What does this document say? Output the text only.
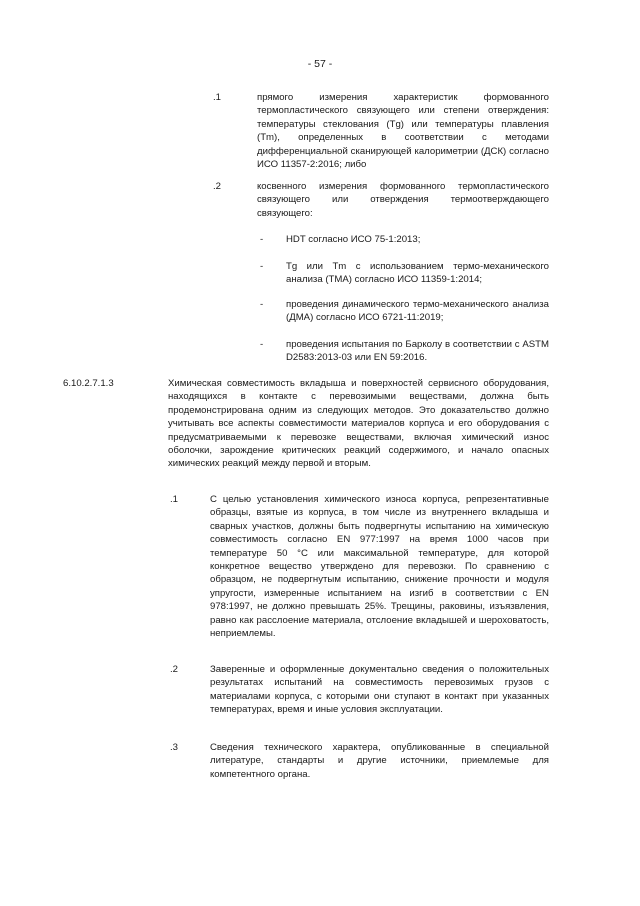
- 57 -
.1	прямого измерения характеристик формованного термопластического связующего или степени отверждения: температуры стеклования (Tg) или температуры плавления (Tm), определенных в соответствии с методами дифференциальной сканирующей калориметрии (ДСК) согласно ИСО 11357-2:2016; либо
.2	косвенного измерения формованного термопластического связующего или отверждения термоотверждающего связующего:
- HDT согласно ИСО 75-1:2013;
- Tg или Tm с использованием термо-механического анализа (ТМА) согласно ИСО 11359-1:2014;
- проведения динамического термо-механического анализа (ДМА) согласно ИСО 6721-11:2019;
- проведения испытания по Барколу в соответствии с ASTM D2583:2013-03 или EN 59:2016.
6.10.2.7.1.3	Химическая совместимость вкладыша и поверхностей сервисного оборудования, находящихся в контакте с перевозимыми веществами, должна быть продемонстрирована одним из следующих методов. Это доказательство должно учитывать все аспекты совместимости материалов корпуса и его оборудования с предусматриваемыми к перевозке веществами, включая химический износ оболочки, зарождение критических реакций содержимого, и начало опасных химических реакций между первой и вторым.
.1	С целью установления химического износа корпуса, репрезентативные образцы, взятые из корпуса, в том числе из внутреннего вкладыша и сварных участков, должны быть подвергнуты испытанию на химическую совместимость согласно EN 977:1997 на время 1000 часов при температуре 50 °C или максимальной температуре, для которой конкретное вещество утверждено для перевозки. По сравнению с образцом, не подвергнутым испытанию, снижение прочности и модуля упругости, измеренные испытанием на изгиб в соответствии с EN 978:1997, не должно превышать 25%. Трещины, раковины, изъязвления, равно как расслоение материала, отслоение вкладышей и шероховатость, неприемлемы.
.2	Заверенные и оформленные документально сведения о положительных результатах испытаний на совместимость перевозимых грузов с материалами корпуса, с которыми они ступают в контакт при указанных температурах, время и иные условия эксплуатации.
.3	Сведения технического характера, опубликованные в специальной литературе, стандарты и другие источники, приемлемые для компетентного органа.
